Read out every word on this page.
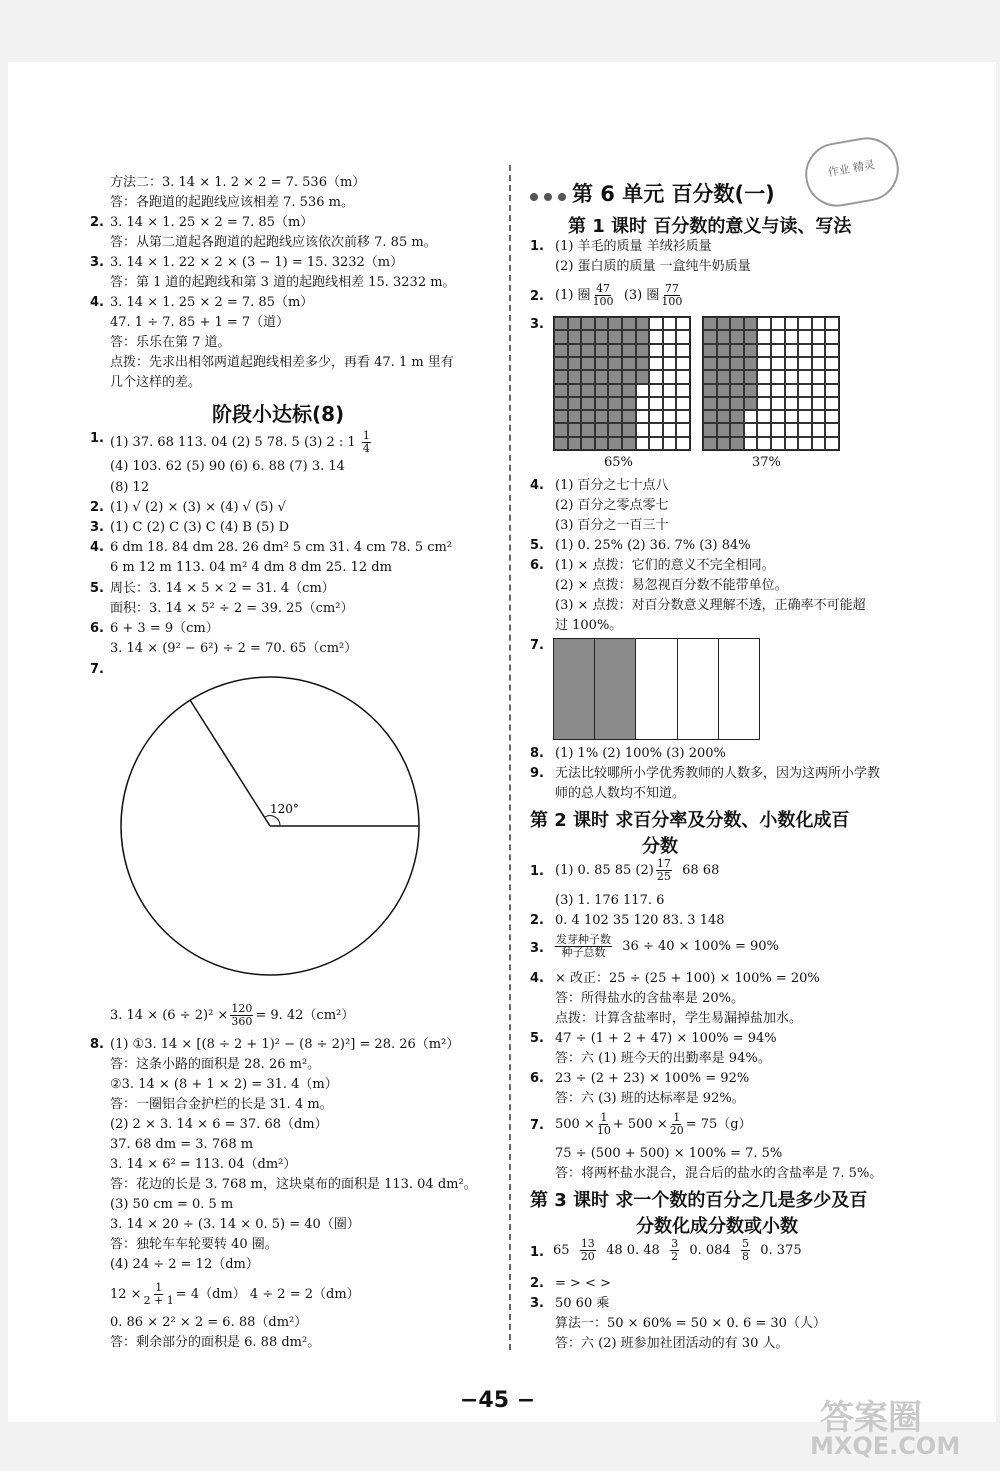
作业 精灵
方法二：3. 14 × 1. 2 × 2 = 7. 536（m）
答：各跑道的起跑线应该相差 7. 536 m。
2. 3. 14 × 1. 25 × 2 = 7. 85（m）
答：从第二道起各跑道的起跑线应该依次前移 7. 85 m。
3. 3. 14 × 1. 22 × 2 × (3 − 1) = 15. 3232（m）
答：第 1 道的起跑线和第 3 道的起跑线相差 15. 3232 m。
4. 3. 14 × 1. 25 × 2 = 7. 85（m）
47. 1 ÷ 7. 85 + 1 = 7（道）
答：乐乐在第 7 道。
点拨：先求出相邻两道起跑线相差多少，再看 47. 1 m 里有
几个这样的差。
阶段小达标(8)
1. (1) 37. 68 113. 04 (2) 5 78. 5 (3) 2 : $1 \frac{1}{4}$
(4) 103. 62 (5) 90 (6) 6. 88 (7) 3. 14
(8) 12
2. (1) √ (2) × (3) × (4) √ (5) √
3. (1) C (2) C (3) C (4) B (5) D
4. 6 dm 18. 84 dm 28. 26 dm² 5 cm 31. 4 cm 78. 5 cm²
6 m 12 m 113. 04 m² 4 dm 8 dm 25. 12 dm
5. 周长：3. 14 × 5 × 2 = 31. 4（cm）
面积：3. 14 × 5² ÷ 2 = 39. 25（cm²）
6. 6 + 3 = 9（cm）
3. 14 × (9² − 6²) ÷ 2 = 70. 65（cm²）
7.
120°
3. $14 \times (6 \div 2)^2 \times \frac{120}{360} = 9$. 42（cm²）
8. (1) ①3. 14 × [(8 ÷ 2 + 1)² − (8 ÷ 2)²] = 28. 26（m²）
答：这条小路的面积是 28. 26 m²。
②3. 14 × (8 + 1 × 2) = 31. 4（m）
答：一圈铝合金护栏的长是 31. 4 m。
(2) 2 × 3. 14 × 6 = 37. 68（dm）
37. 68 dm = 3. 768 m
3. 14 × 6² = 113. 04（dm²）
答：花边的长是 3. 768 m，这块桌布的面积是 113. 04 dm²。
(3) 50 cm = 0. 5 m
3. 14 × 20 ÷ (3. 14 × 0. 5) = 40（圈）
答：独轮车车轮要转 40 圈。
(4) 24 ÷ 2 = 12（dm）
$12 \times \frac{1}{2 + 1} = 4(dm) 4 \div 2 = 2(dm)$
0. 86 × 2² × 2 = 6. 88（dm²）
答：剩余部分的面积是 6. 88 dm²。
第 6 单元 百分数(一)
第 1 课时 百分数的意义与读、写法
1. (1) 羊毛的质量 羊绒衫质量
(2) 蛋白质的质量 一盒纯牛奶质量
2. (1) 圈 $\frac{47}{100} (3)$ 圈 $\frac{77}{100}$
3.
65%	37%
4. (1) 百分之七十点八
(2) 百分之零点零七
(3) 百分之一百三十
5. (1) 0. 25% (2) 36. 7% (3) 84%
6. (1) × 点拨：它们的意义不完全相同。
(2) × 点拨：易忽视百分数不能带单位。
(3) × 点拨：对百分数意义理解不透，正确率不可能超
过 100%。
7.
8. (1) 1% (2) 100% (3) 200%
9. 无法比较哪所小学优秀教师的人数多，因为这两所小学教
师的总人数均不知道。
第 2 课时 求百分率及分数、小数化成百
分数
1. (1) 0. 85 85 $(2) \frac{17}{25} 68$ 68
(3) 1. 176 117. 6
2. 0. 4 102 35 120 83. 3 148
3. $\frac{\text{发芽种子数}}{\text{种子总数}} 36 \div 40 \times 100\% = 90\%$
4. × 改正：25 ÷ (25 + 100) × 100% = 20%
答：所得盐水的含盐率是 20%。
点拨：计算含盐率时，学生易漏掉盐加水。
5. 47 ÷ (1 + 2 + 47) × 100% = 94%
答：六 (1) 班今天的出勤率是 94%。
6. 23 ÷ (2 + 23) × 100% = 92%
答：六 (3) 班的达标率是 92%。
7. $500 \times \frac{1}{10} + 500 \times \frac{1}{20} = 75(g)$
75 ÷ (500 + 500) × 100% = 7. 5%
答：将两杯盐水混合，混合后的盐水的含盐率是 7. 5%。
第 3 课时 求一个数的百分之几是多少及百
分数化成分数或小数
1. $65 \frac{13}{20} 48$ 0. $48 \frac{3}{2} 0$. $084 \frac{5}{8} 0$. 375
2. = > < >
3. 50 60 乘
算法一：50 × 60% = 50 × 0. 6 = 30（人）
答：六 (2) 班参加社团活动的有 30 人。
−45 −	答案圈
MXQE.COM
